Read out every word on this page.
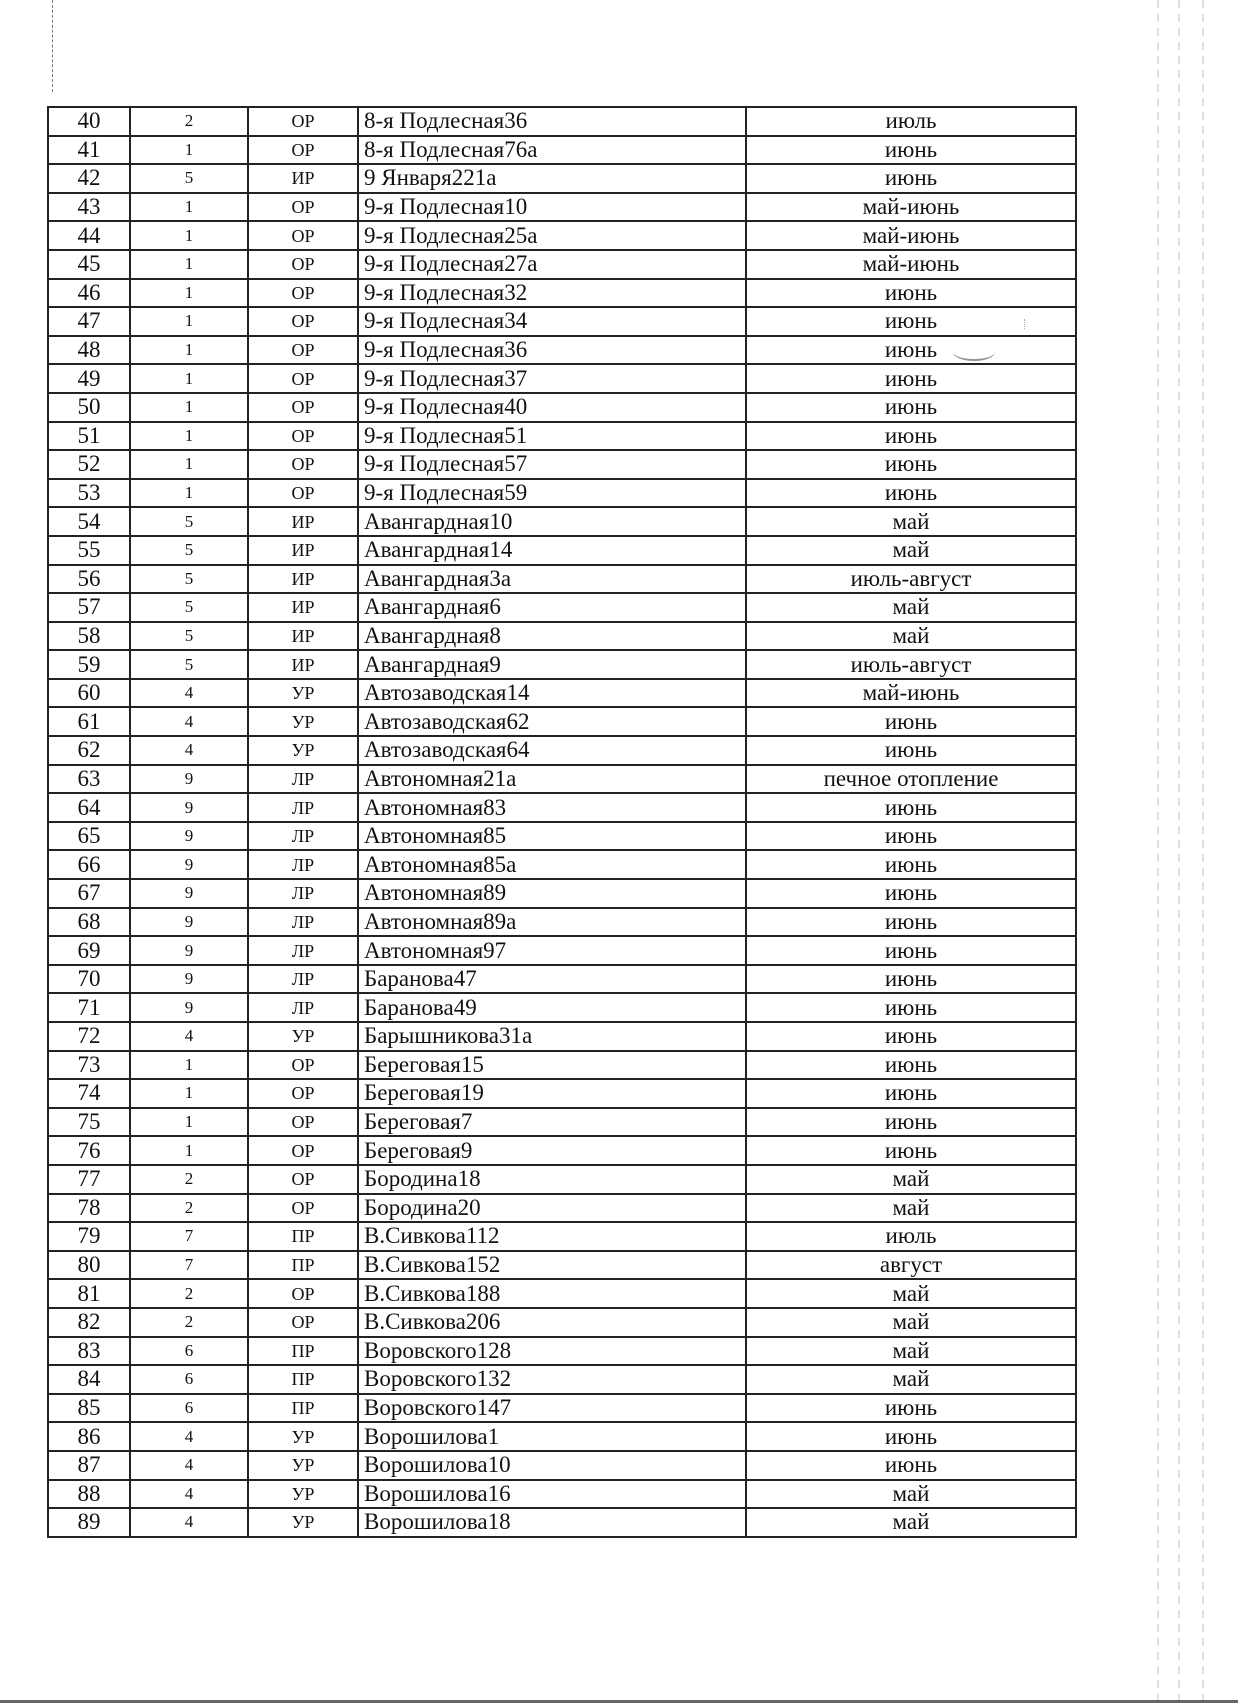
40	2	ОР	8-я Подлесная36	июль
41	1	ОР	8-я Подлесная76а	июнь
42	5	ИР	9 Января221а	июнь
43	1	ОР	9-я Подлесная10	май-июнь
44	1	ОР	9-я Подлесная25а	май-июнь
45	1	ОР	9-я Подлесная27а	май-июнь
46	1	ОР	9-я Подлесная32	июнь
47	1	ОР	9-я Подлесная34	июнь
48	1	ОР	9-я Подлесная36	июнь
49	1	ОР	9-я Подлесная37	июнь
50	1	ОР	9-я Подлесная40	июнь
51	1	ОР	9-я Подлесная51	июнь
52	1	ОР	9-я Подлесная57	июнь
53	1	ОР	9-я Подлесная59	июнь
54	5	ИР	Авангардная10	май
55	5	ИР	Авангардная14	май
56	5	ИР	Авангардная3а	июль-август
57	5	ИР	Авангардная6	май
58	5	ИР	Авангардная8	май
59	5	ИР	Авангардная9	июль-август
60	4	УР	Автозаводская14	май-июнь
61	4	УР	Автозаводская62	июнь
62	4	УР	Автозаводская64	июнь
63	9	ЛР	Автономная21а	печное отопление
64	9	ЛР	Автономная83	июнь
65	9	ЛР	Автономная85	июнь
66	9	ЛР	Автономная85а	июнь
67	9	ЛР	Автономная89	июнь
68	9	ЛР	Автономная89а	июнь
69	9	ЛР	Автономная97	июнь
70	9	ЛР	Баранова47	июнь
71	9	ЛР	Баранова49	июнь
72	4	УР	Барышникова31а	июнь
73	1	ОР	Береговая15	июнь
74	1	ОР	Береговая19	июнь
75	1	ОР	Береговая7	июнь
76	1	ОР	Береговая9	июнь
77	2	ОР	Бородина18	май
78	2	ОР	Бородина20	май
79	7	ПР	В.Сивкова112	июль
80	7	ПР	В.Сивкова152	август
81	2	ОР	В.Сивкова188	май
82	2	ОР	В.Сивкова206	май
83	6	ПР	Воровского128	май
84	6	ПР	Воровского132	май
85	6	ПР	Воровского147	июнь
86	4	УР	Ворошилова1	июнь
87	4	УР	Ворошилова10	июнь
88	4	УР	Ворошилова16	май
89	4	УР	Ворошилова18	май
